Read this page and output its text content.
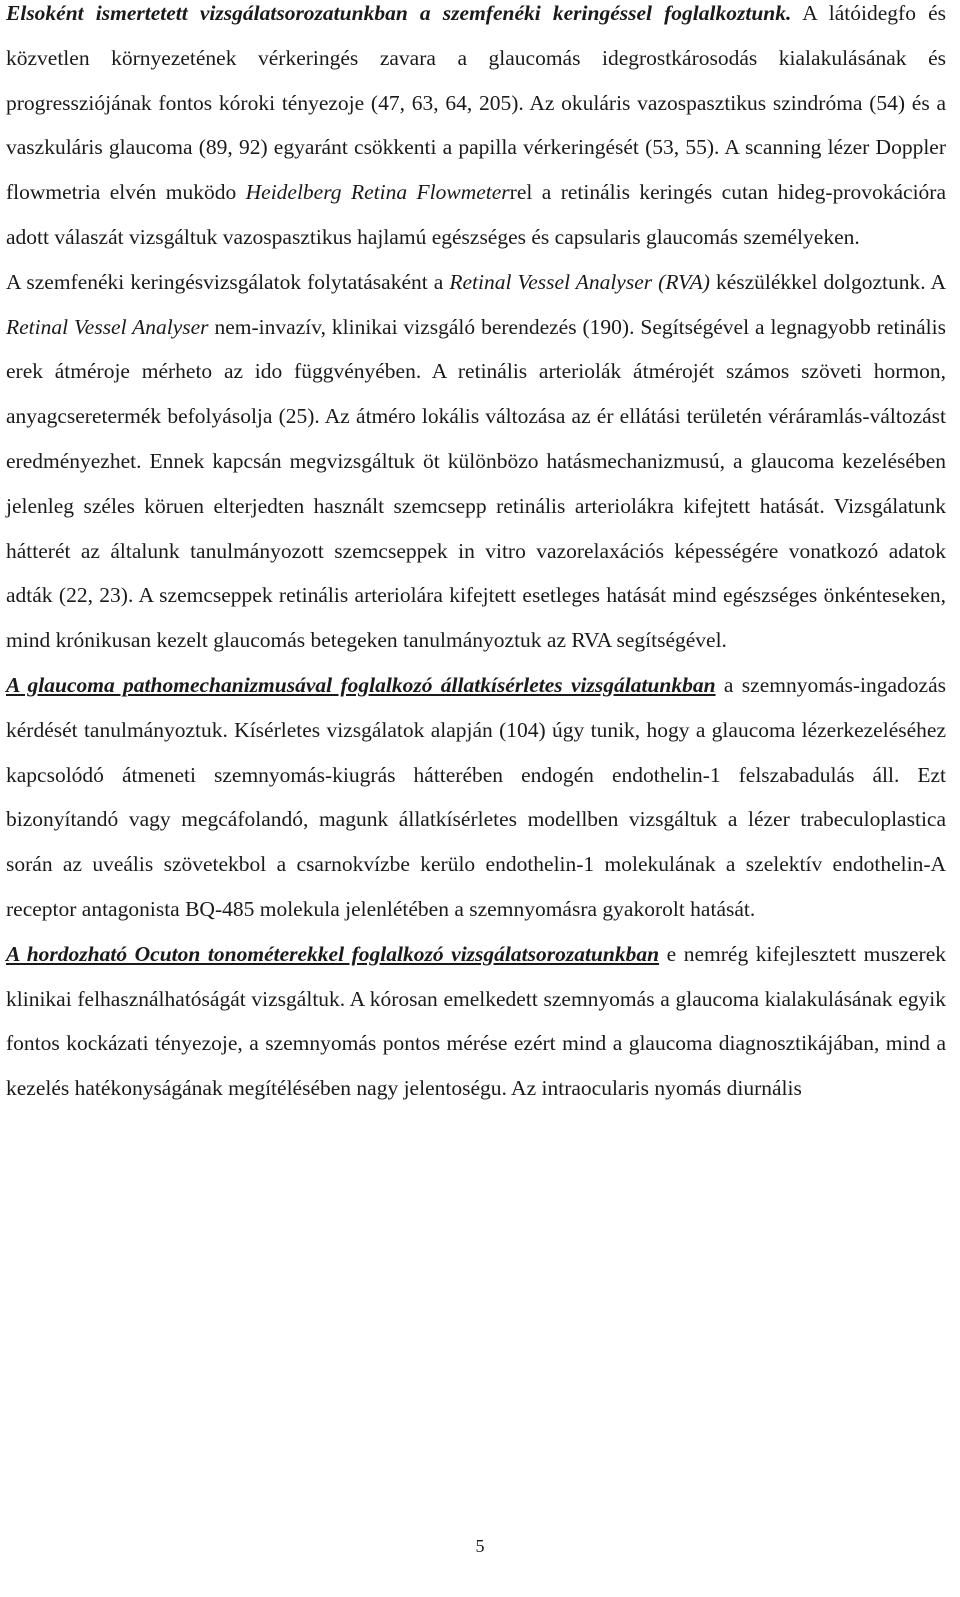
Elsoként ismertetett vizsgálatsorozatunkban a szemfenéki keringéssel foglalkoztunk. A látóidegfo és közvetlen környezetének vérkeringés zavara a glaucomás idegrostkárosodás kialakulásának és progressziójának fontos kóroki tényezoje (47, 63, 64, 205). Az okuláris vazospasztikus szindróma (54) és a vaszkuláris glaucoma (89, 92) egyaránt csökkenti a papilla vérkeringését (53, 55). A scanning lézer Doppler flowmetria elvén muködo Heidelberg Retina Flowmeterrel a retinális keringés cutan hideg-provokációra adott válaszát vizsgáltuk vazospasztikus hajlamú egészséges és capsularis glaucomás személyeken.

A szemfenéki keringésvizsgálatok folytatásaként a Retinal Vessel Analyser (RVA) készülékkel dolgoztunk. A Retinal Vessel Analyser nem-invazív, klinikai vizsgáló berendezés (190). Segítségével a legnagyobb retinális erek átméroje mérheto az ido függvényében. A retinális arteriolák átmérojét számos szöveti hormon, anyagcseretermék befolyásolja (25). Az átméro lokális változása az ér ellátási területén véráramlás-változást eredményezhet. Ennek kapcsán megvizsgáltuk öt különbözo hatásmechanizmusú, a glaucoma kezelésében jelenleg széles köruen elterjedten használt szemcsepp retinális arteriolákra kifejtett hatását. Vizsgálatunk hátterét az általunk tanulmányozott szemcseppek in vitro vazorelaxációs képességére vonatkozó adatok adták (22, 23). A szemcseppek retinális arteriolára kifejtett esetleges hatását mind egészséges önkénteseken, mind krónikusan kezelt glaucomás betegeken tanulmányoztuk az RVA segítségével.

A glaucoma pathomechanizmusával foglalkozó állatkísérletes vizsgálatunkban a szemnyomás-ingadozás kérdését tanulmányoztuk. Kísérletes vizsgálatok alapján (104) úgy tunik, hogy a glaucoma lézerkezeléséhez kapcsolódó átmeneti szemnyomás-kiugrás hátterében endogén endothelin-1 felszabadulás áll. Ezt bizonyítandó vagy megcáfolandó, magunk állatkísérletes modellben vizsgáltuk a lézer trabeculoplastica során az uveális szövetekbol a csarnokvízbe kerülo endothelin-1 molekulának a szelektív endothelin-A receptor antagonista BQ-485 molekula jelenlétében a szemnyomásra gyakorolt hatását.

A hordozható Ocuton tonométerekkel foglalkozó vizsgálatsorozatunkban e nemrég kifejlesztett muszerek klinikai felhasználhatóságát vizsgáltuk. A kórosan emelkedett szemnyomás a glaucoma kialakulásának egyik fontos kockázati tényezoje, a szemnyomás pontos mérése ezért mind a glaucoma diagnosztikájában, mind a kezelés hatékonyságának megítélésében nagy jelentoségu. Az intraocularis nyomás diurnális

5
